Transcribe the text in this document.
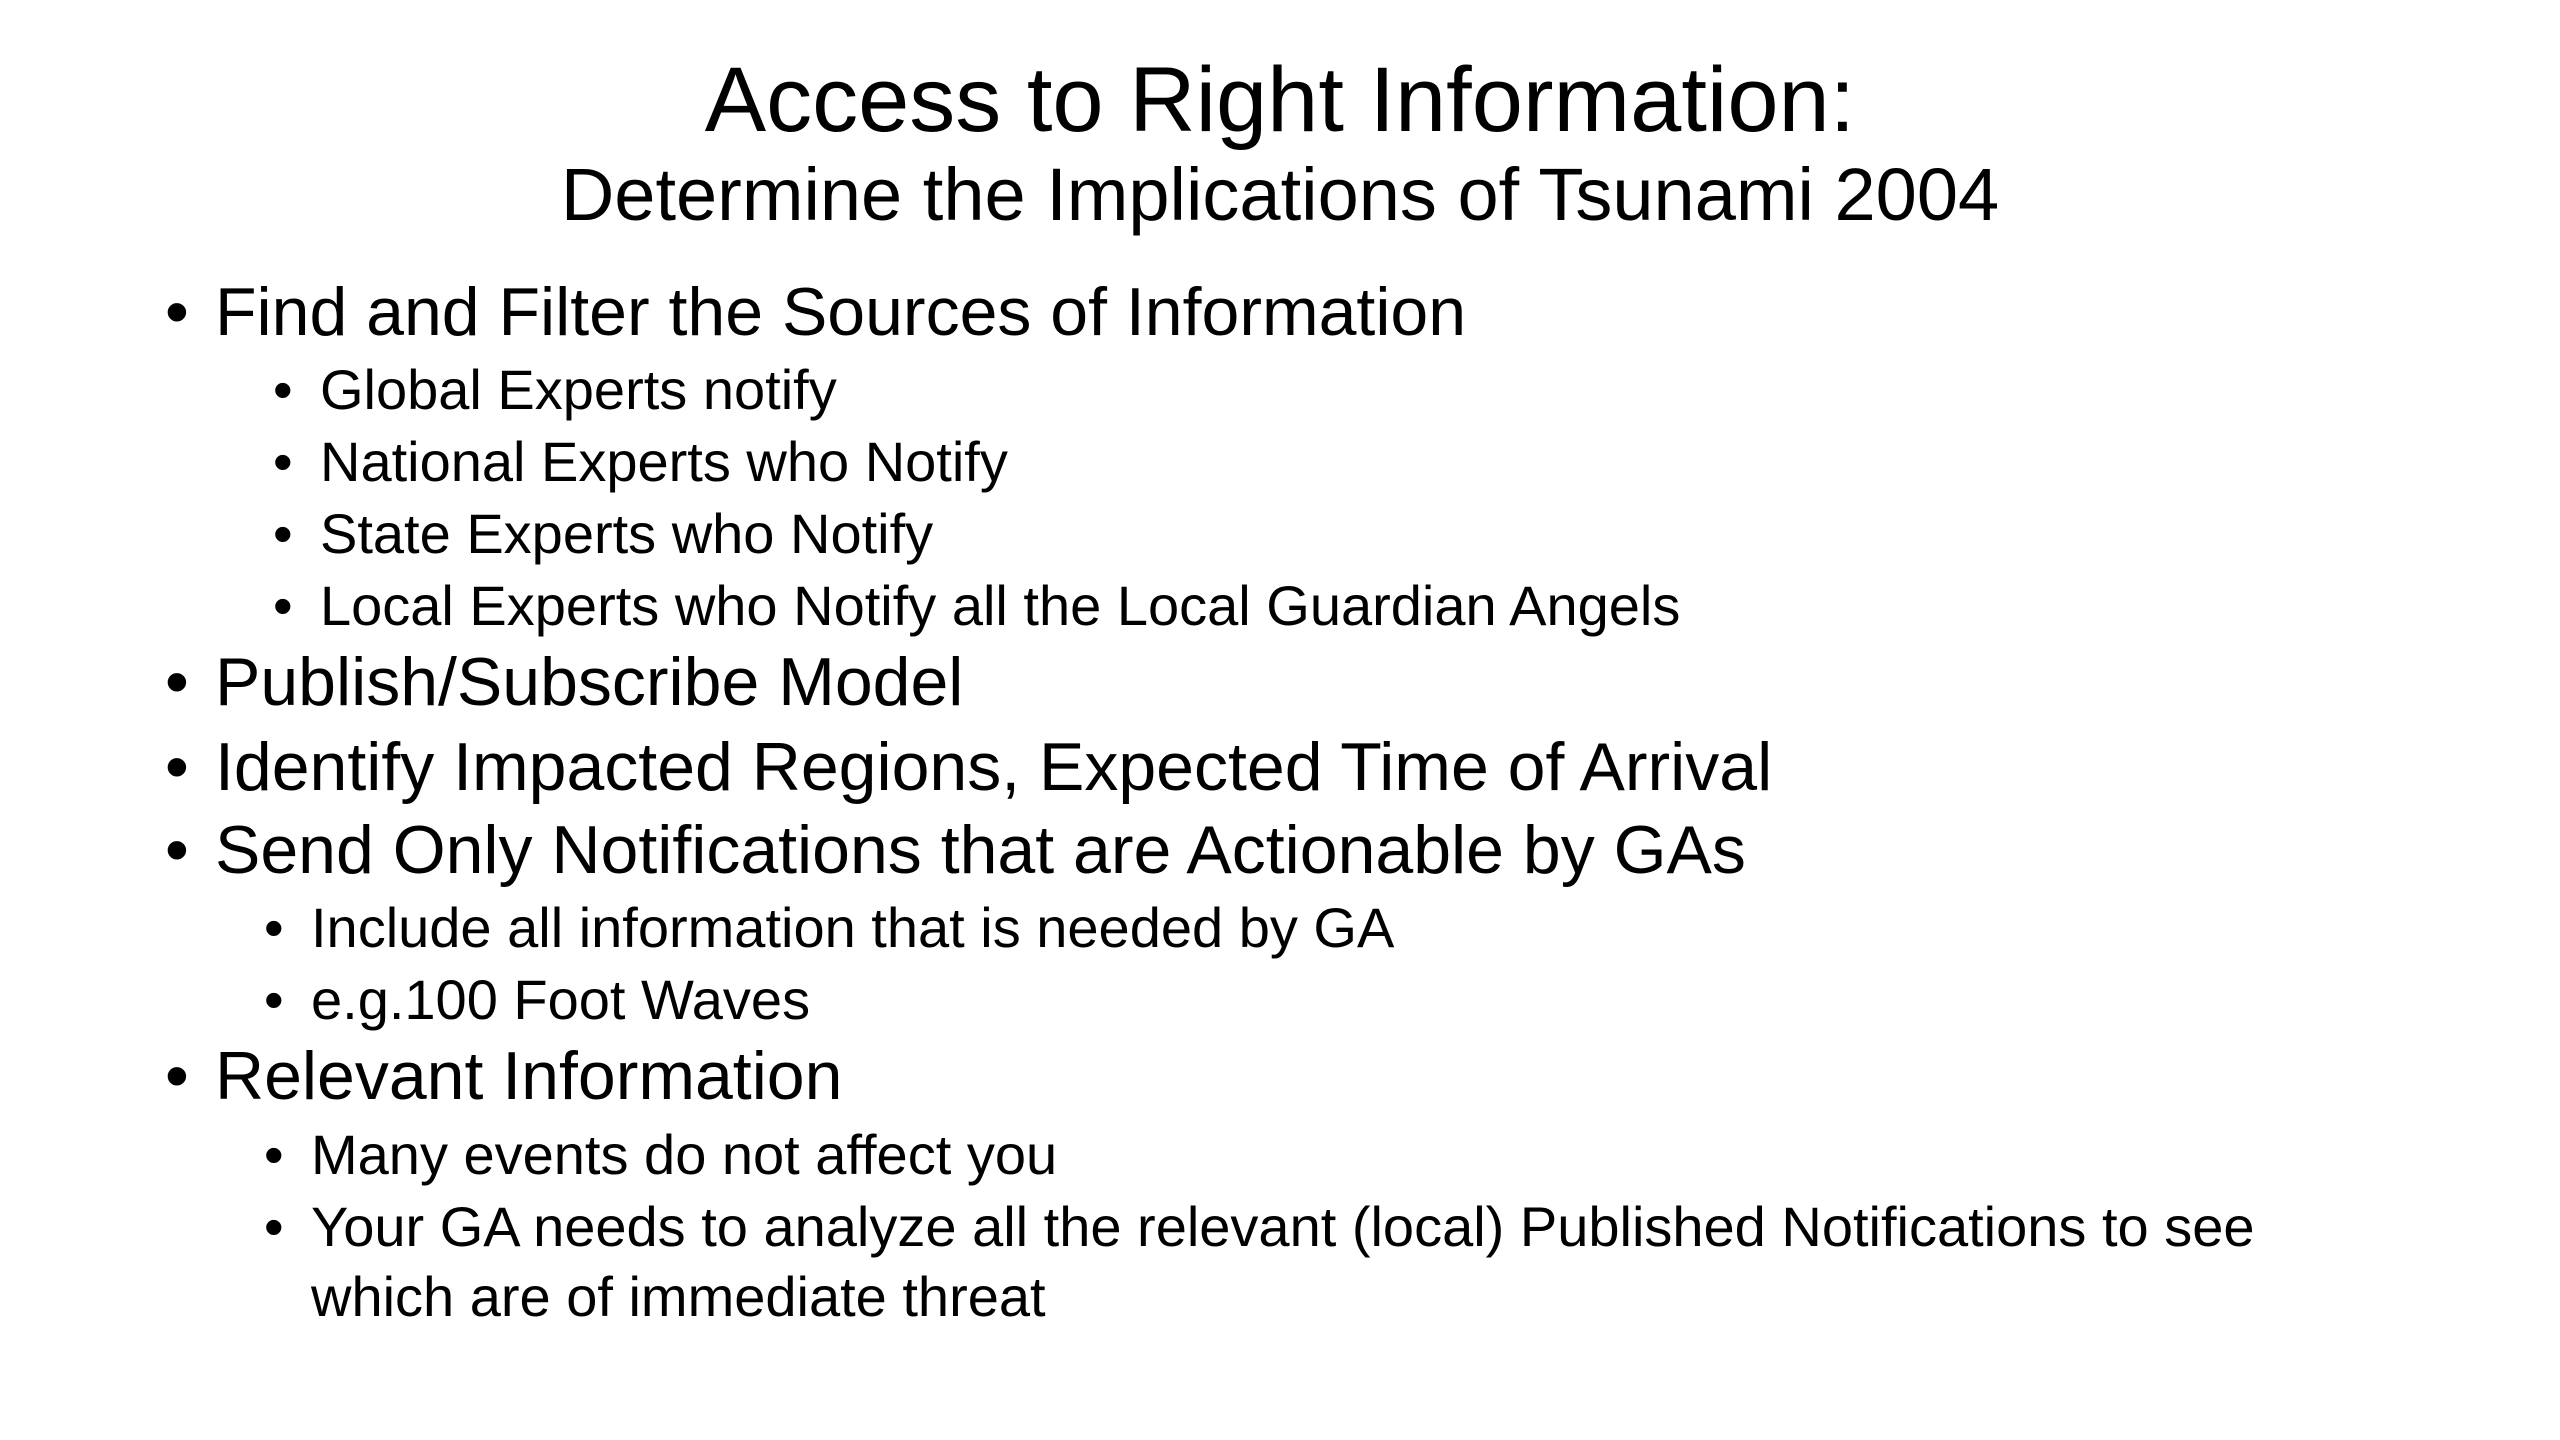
Access to Right Information:
Determine the Implications of Tsunami 2004
• Find and Filter the Sources of Information
• Global Experts notify
• National Experts who Notify
• State Experts who Notify
• Local Experts who Notify all the Local Guardian Angels
• Publish/Subscribe Model
• Identify Impacted Regions, Expected Time of Arrival
• Send Only Notifications that are Actionable by GAs
• Include all information that is needed by GA
• e.g.100 Foot Waves
• Relevant Information
• Many events do not affect you
• Your GA needs to analyze all the relevant (local) Published Notifications to see
which are of immediate threat
